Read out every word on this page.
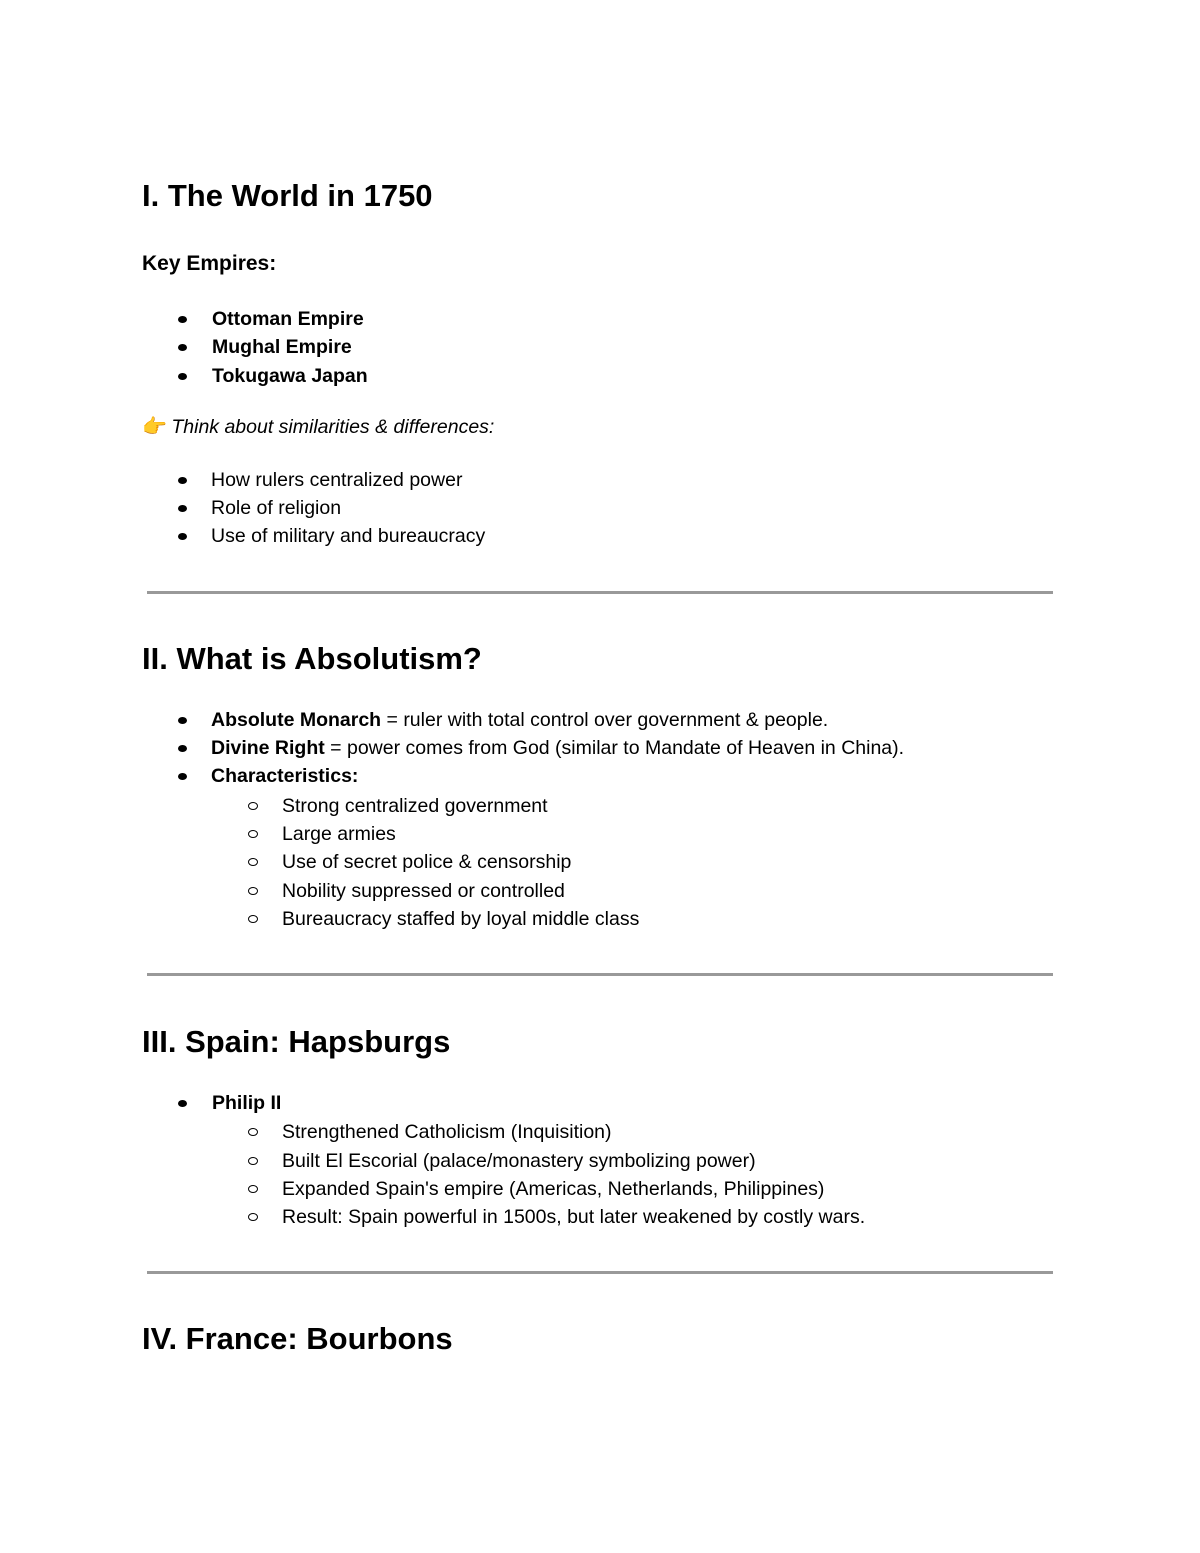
I. The World in 1750
Key Empires:
Ottoman Empire
Mughal Empire
Tokugawa Japan
👉 Think about similarities & differences:
How rulers centralized power
Role of religion
Use of military and bureaucracy
II. What is Absolutism?
Absolute Monarch = ruler with total control over government & people.
Divine Right = power comes from God (similar to Mandate of Heaven in China).
Characteristics:
Strong centralized government
Large armies
Use of secret police & censorship
Nobility suppressed or controlled
Bureaucracy staffed by loyal middle class
III. Spain: Hapsburgs
Philip II
Strengthened Catholicism (Inquisition)
Built El Escorial (palace/monastery symbolizing power)
Expanded Spain's empire (Americas, Netherlands, Philippines)
Result: Spain powerful in 1500s, but later weakened by costly wars.
IV. France: Bourbons
